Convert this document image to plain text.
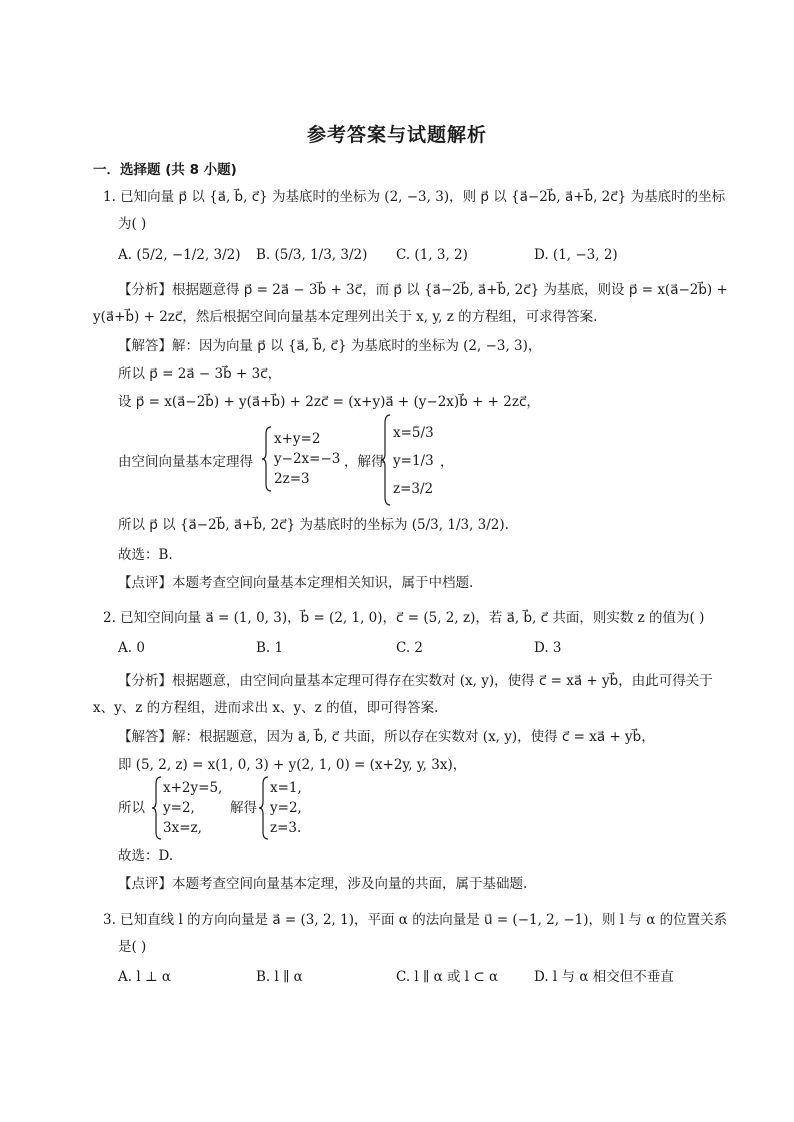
参考答案与试题解析
一．选择题 (共 8 小题)
1. 已知向量 p⃗ 以 {a⃗, b⃗, c⃗} 为基底时的坐标为 (2, −3, 3)，则 p⃗ 以 {a⃗−2b⃗, a⃗+b⃗, 2c⃗} 为基底时的坐标
为( )
A. (5/2, −1/2, 3/2) B. (5/3, 1/3, 3/2) C. (1, 3, 2)	D. (1, −3, 2)
【分析】根据题意得 p⃗ = 2a⃗ − 3b⃗ + 3c⃗，而 p⃗ 以 {a⃗−2b⃗, a⃗+b⃗, 2c⃗} 为基底，则设 p⃗ = x(a⃗−2b⃗) +
y(a⃗+b⃗) + 2zc⃗，然后根据空间向量基本定理列出关于 x, y, z 的方程组，可求得答案.
【解答】解：因为向量 p⃗ 以 {a⃗, b⃗, c⃗} 为基底时的坐标为 (2, −3, 3)，
所以 p⃗ = 2a⃗ − 3b⃗ + 3c⃗，
设 p⃗ = x(a⃗−2b⃗) + y(a⃗+b⃗) + 2zc⃗ = (x+y)a⃗ + (y−2x)b⃗ + + 2zc⃗，
由空间向量基本定理得
x+y=2
y−2x=−3
2z=3
，解得
x=5/3
y=1/3
z=3/2
，
所以 p⃗ 以 {a⃗−2b⃗, a⃗+b⃗, 2c⃗} 为基底时的坐标为 (5/3, 1/3, 3/2).
故选：B.
【点评】本题考查空间向量基本定理相关知识，属于中档题.
2. 已知空间向量 a⃗ = (1, 0, 3)，b⃗ = (2, 1, 0)，c⃗ = (5, 2, z)，若 a⃗, b⃗, c⃗ 共面，则实数 z 的值为( )
A. 0	B. 1	C. 2	D. 3
【分析】根据题意，由空间向量基本定理可得存在实数对 (x, y)，使得 c⃗ = xa⃗ + yb⃗，由此可得关于
x、y、z 的方程组，进而求出 x、y、z 的值，即可得答案.
【解答】解：根据题意，因为 a⃗, b⃗, c⃗ 共面，所以存在实数对 (x, y)，使得 c⃗ = xa⃗ + yb⃗，
即 (5, 2, z) = x(1, 0, 3) + y(2, 1, 0) = (x+2y, y, 3x)，
所以
x+2y=5,
y=2,
3x=z,
解得
x=1,
y=2,
z=3.
故选：D.
【点评】本题考查空间向量基本定理，涉及向量的共面，属于基础题.
3. 已知直线 l 的方向向量是 a⃗ = (3, 2, 1)，平面 α 的法向量是 u⃗ = (−1, 2, −1)，则 l 与 α 的位置关系
是( )
A. l ⊥ α	B. l ∥ α	C. l ∥ α 或 l ⊂ α	D. l 与 α 相交但不垂直
